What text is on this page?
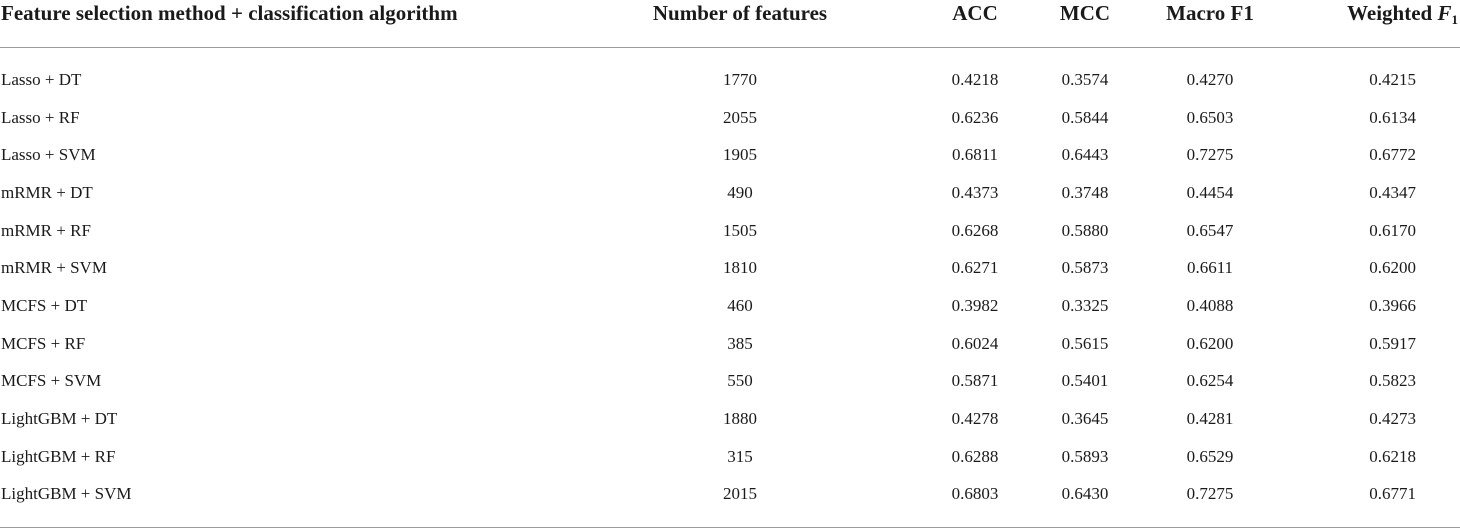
Feature selection method + classification algorithm	Number of features	ACC	MCC	Macro F1	Weighted $F_1$
Lasso + DT	1770	0.4218	0.3574	0.4270	0.4215
Lasso + RF	2055	0.6236	0.5844	0.6503	0.6134
Lasso + SVM	1905	0.6811	0.6443	0.7275	0.6772
mRMR + DT	490	0.4373	0.3748	0.4454	0.4347
mRMR + RF	1505	0.6268	0.5880	0.6547	0.6170
mRMR + SVM	1810	0.6271	0.5873	0.6611	0.6200
MCFS + DT	460	0.3982	0.3325	0.4088	0.3966
MCFS + RF	385	0.6024	0.5615	0.6200	0.5917
MCFS + SVM	550	0.5871	0.5401	0.6254	0.5823
LightGBM + DT	1880	0.4278	0.3645	0.4281	0.4273
LightGBM + RF	315	0.6288	0.5893	0.6529	0.6218
LightGBM + SVM	2015	0.6803	0.6430	0.7275	0.6771
